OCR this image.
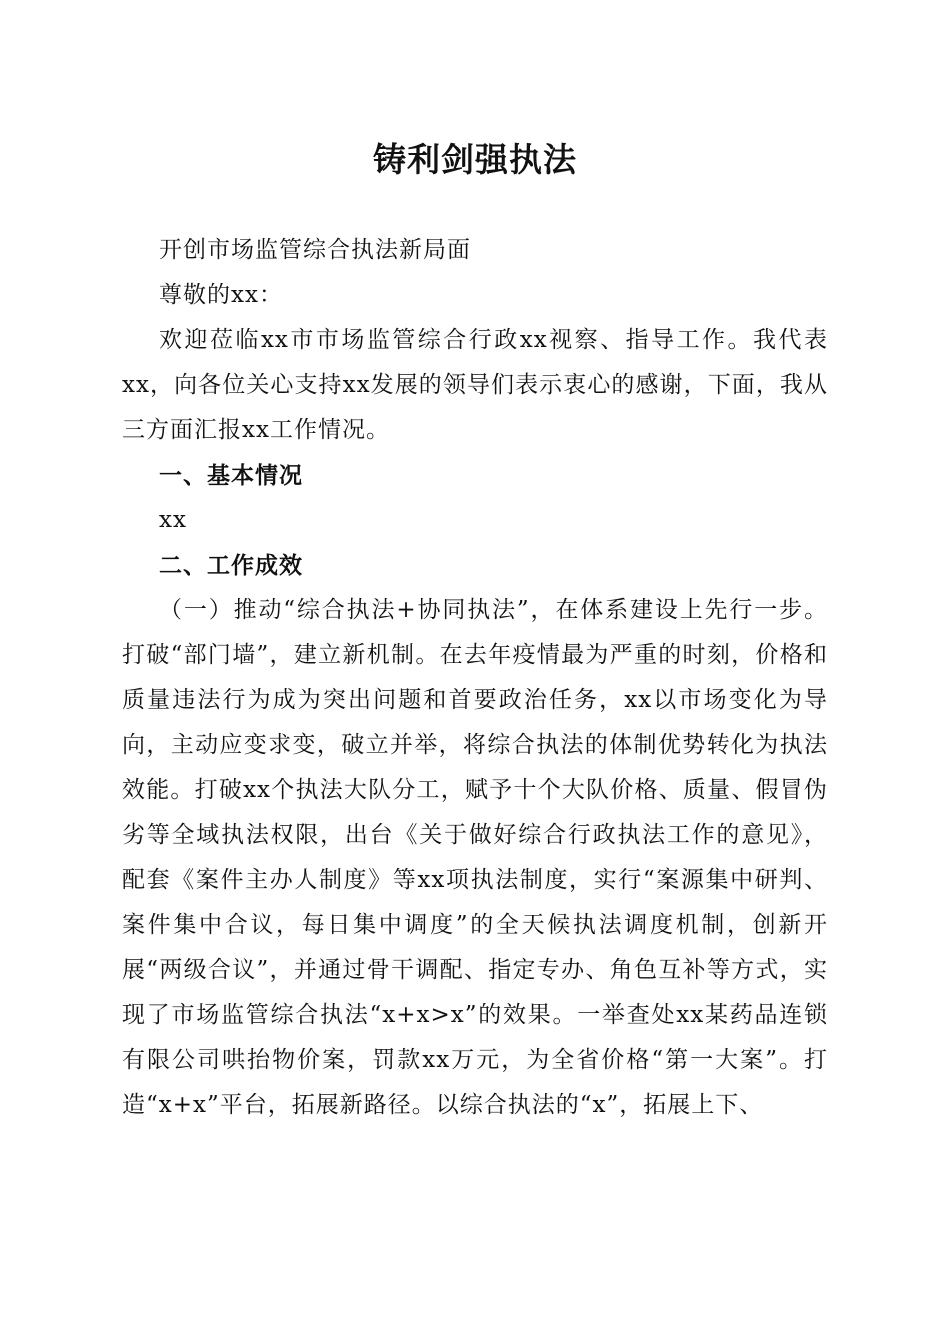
铸利剑强执法

开创市场监管综合执法新局面

尊敬的xx：

欢迎莅临xx市市场监管综合行政xx视察、指导工作。我代表xx，向各位关心支持xx发展的领导们表示衷心的感谢，下面，我从三方面汇报xx工作情况。

一、基本情况

xx

二、工作成效

（一）推动“综合执法+协同执法”，在体系建设上先行一步。打破“部门墙”，建立新机制。在去年疫情最为严重的时刻，价格和质量违法行为成为突出问题和首要政治任务，xx以市场变化为导向，主动应变求变，破立并举，将综合执法的体制优势转化为执法效能。打破xx个执法大队分工，赋予十个大队价格、质量、假冒伪劣等全域执法权限，出台《关于做好综合行政执法工作的意见》，配套《案件主办人制度》等xx项执法制度，实行“案源集中研判、案件集中合议，每日集中调度”的全天候执法调度机制，创新开展“两级合议”，并通过骨干调配、指定专办、角色互补等方式，实现了市场监管综合执法“x+x>x”的效果。一举查处xx某药品连锁有限公司哄抬物价案，罚款xx万元，为全省价格“第一大案”。打造“x+x”平台，拓展新路径。以综合执法的“x”，拓展上下、
